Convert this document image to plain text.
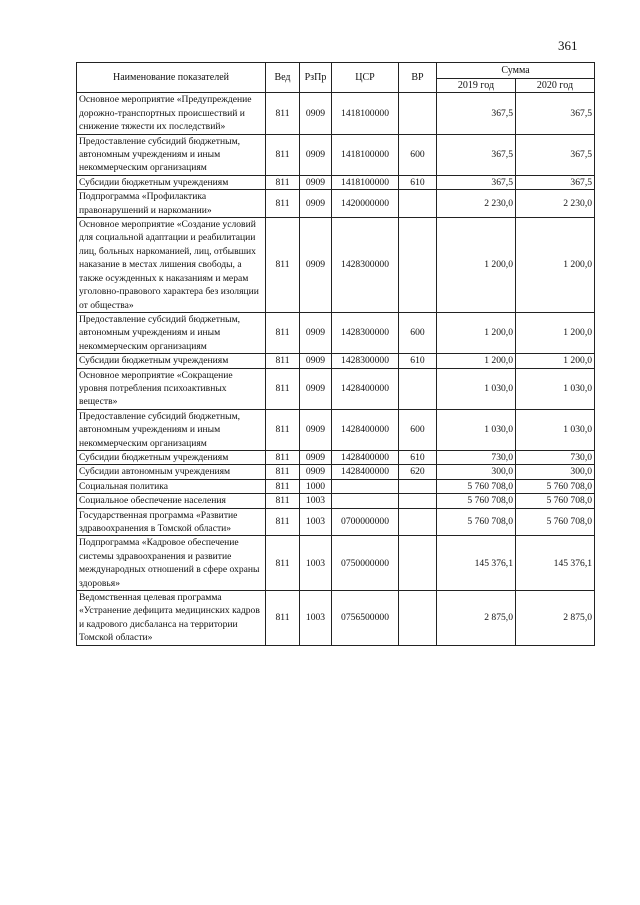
361
Наименование показателей	Вед	РзПр	ЦСР	ВР	Сумма	
					2019 год	2020 год
Основное мероприятие «Предупреждение дорожно-транспортных происшествий и снижение тяжести их последствий»	811	0909	1418100000		367,5	367,5
Предоставление субсидий бюджетным, автономным учреждениям и иным некоммерческим организациям	811	0909	1418100000	600	367,5	367,5
Субсидии бюджетным учреждениям	811	0909	1418100000	610	367,5	367,5
Подпрограмма «Профилактика правонарушений и наркомании»	811	0909	1420000000		2 230,0	2 230,0
Основное мероприятие «Создание условий для социальной адаптации и реабилитации лиц, больных наркоманией, лиц, отбывших наказание в местах лишения свободы, а также осужденных к наказаниям и мерам уголовно-правового характера без изоляции от общества»	811	0909	1428300000		1 200,0	1 200,0
Предоставление субсидий бюджетным, автономным учреждениям и иным некоммерческим организациям	811	0909	1428300000	600	1 200,0	1 200,0
Субсидии бюджетным учреждениям	811	0909	1428300000	610	1 200,0	1 200,0
Основное мероприятие «Сокращение уровня потребления психоактивных веществ»	811	0909	1428400000		1 030,0	1 030,0
Предоставление субсидий бюджетным, автономным учреждениям и иным некоммерческим организациям	811	0909	1428400000	600	1 030,0	1 030,0
Субсидии бюджетным учреждениям	811	0909	1428400000	610	730,0	730,0
Субсидии автономным учреждениям	811	0909	1428400000	620	300,0	300,0
Социальная политика	811	1000			5 760 708,0	5 760 708,0
Социальное обеспечение населения	811	1003			5 760 708,0	5 760 708,0
Государственная программа «Развитие здравоохранения в Томской области»	811	1003	0700000000		5 760 708,0	5 760 708,0
Подпрограмма «Кадровое обеспечение системы здравоохранения и развитие международных отношений в сфере охраны здоровья»	811	1003	0750000000		145 376,1	145 376,1
Ведомственная целевая программа «Устранение дефицита медицинских кадров и кадрового дисбаланса на территории Томской области»	811	1003	0756500000		2 875,0	2 875,0
